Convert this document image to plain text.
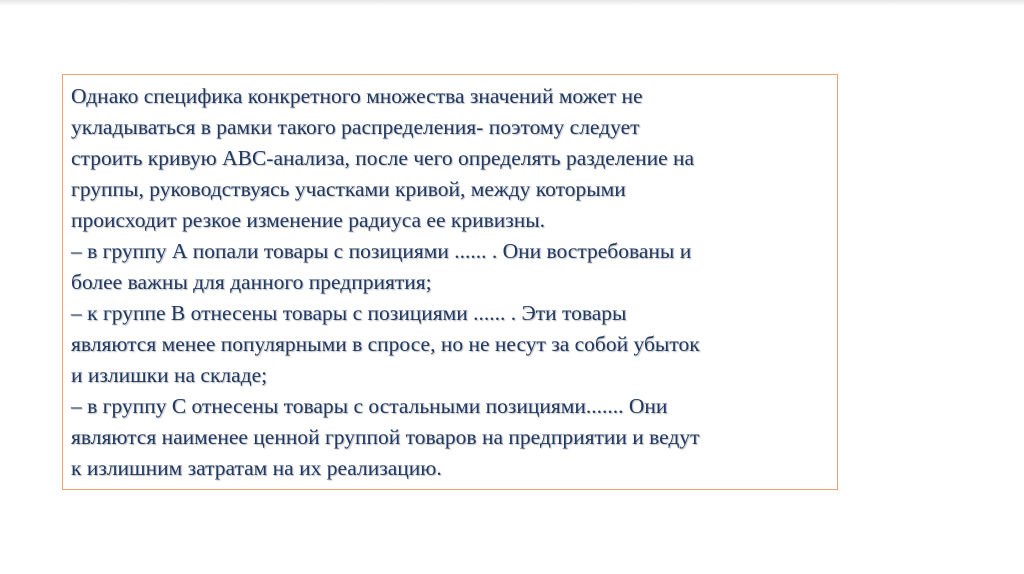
Однако специфика конкретного множества значений может не
укладываться в рамки такого распределения- поэтому следует
строить кривую АВС-анализа, после чего определять разделение на
группы, руководствуясь участками кривой, между которыми
происходит резкое изменение радиуса ее кривизны.

– в группу А попали товары с позициями ...... . Они востребованы и
более важны для данного предприятия;

– к группе В отнесены товары с позициями ...... . Эти товары
являются менее популярными в спросе, но не несут за собой убыток
и излишки на складе;

– в группу С отнесены товары с остальными позициями....... Они
являются наименее ценной группой товаров на предприятии и ведут
к излишним затратам на их реализацию.
